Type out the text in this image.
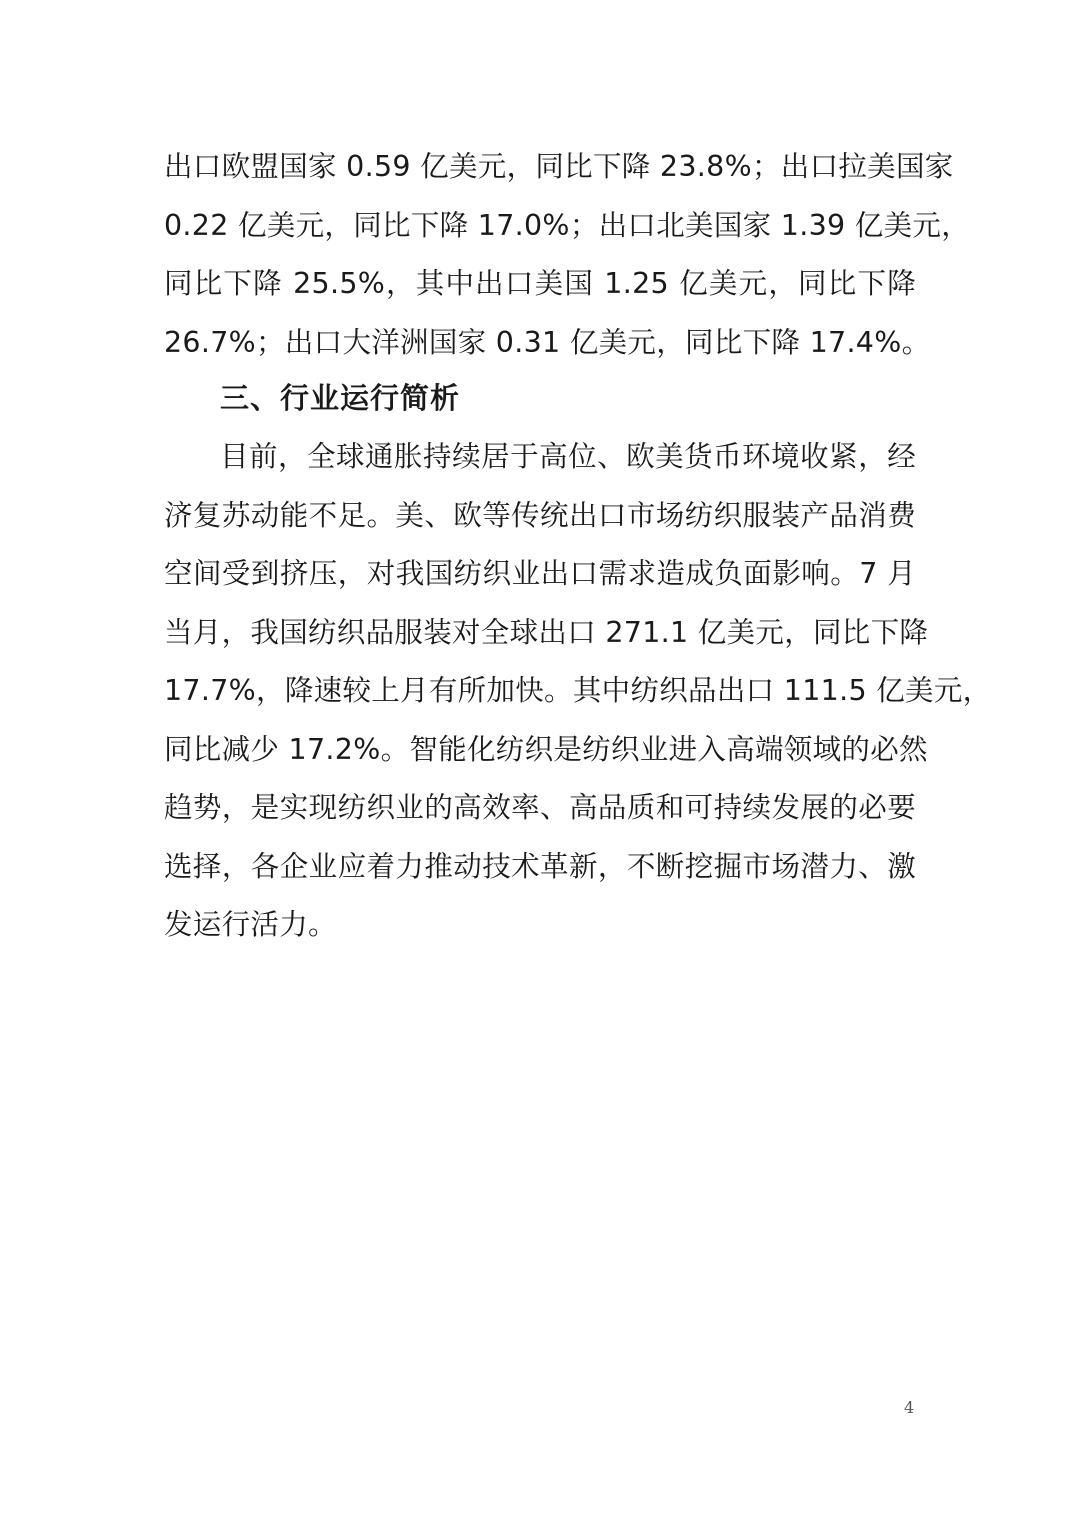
出口欧盟国家 0.59 亿美元，同比下降 23.8%；出口拉美国家
0.22 亿美元，同比下降 17.0%；出口北美国家 1.39 亿美元，
同比下降 25.5%，其中出口美国 1.25 亿美元，同比下降
26.7%；出口大洋洲国家 0.31 亿美元，同比下降 17.4%。
三、行业运行简析
目前，全球通胀持续居于高位、欧美货币环境收紧，经
济复苏动能不足。美、欧等传统出口市场纺织服装产品消费
空间受到挤压，对我国纺织业出口需求造成负面影响。7 月
当月，我国纺织品服装对全球出口 271.1 亿美元，同比下降
17.7%，降速较上月有所加快。其中纺织品出口 111.5 亿美元，
同比减少 17.2%。智能化纺织是纺织业进入高端领域的必然
趋势，是实现纺织业的高效率、高品质和可持续发展的必要
选择，各企业应着力推动技术革新，不断挖掘市场潜力、激
发运行活力。
4
